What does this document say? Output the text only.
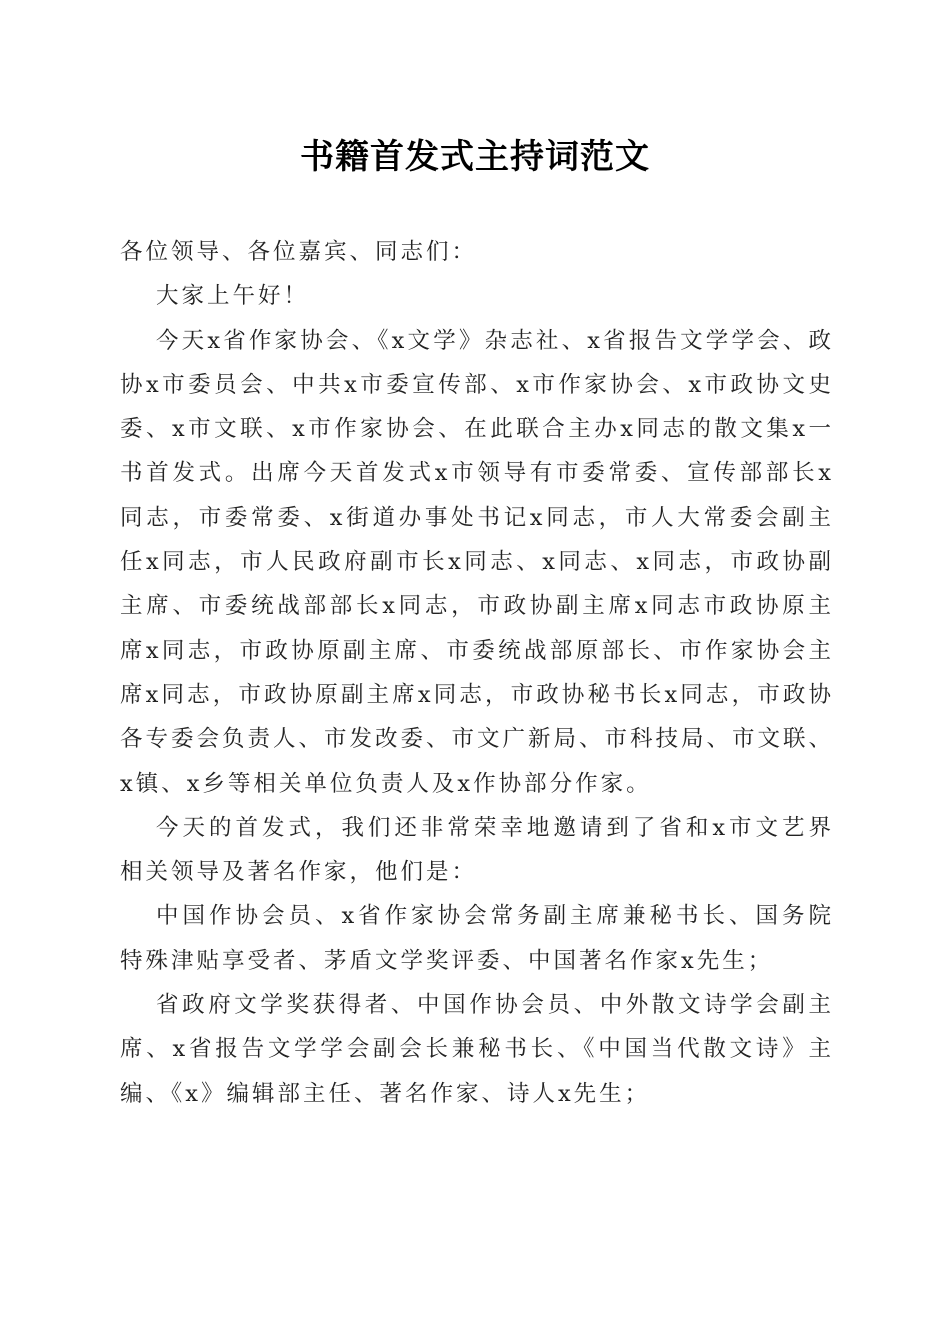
书籍首发式主持词范文

各位领导、各位嘉宾、同志们：

大家上午好！

今天x省作家协会、《x文学》杂志社、x省报告文学学会、政协x市委员会、中共x市委宣传部、x市作家协会、x市政协文史委、x市文联、x市作家协会、在此联合主办x同志的散文集x一书首发式。出席今天首发式x市领导有市委常委、宣传部部长x同志，市委常委、x街道办事处书记x同志，市人大常委会副主任x同志，市人民政府副市长x同志、x同志、x同志，市政协副主席、市委统战部部长x同志，市政协副主席x同志市政协原主席x同志，市政协原副主席、市委统战部原部长、市作家协会主席x同志，市政协原副主席x同志，市政协秘书长x同志，市政协各专委会负责人、市发改委、市文广新局、市科技局、市文联、x镇、x乡等相关单位负责人及x作协部分作家。

今天的首发式，我们还非常荣幸地邀请到了省和x市文艺界相关领导及著名作家，他们是：

中国作协会员、x省作家协会常务副主席兼秘书长、国务院特殊津贴享受者、茅盾文学奖评委、中国著名作家x先生；

省政府文学奖获得者、中国作协会员、中外散文诗学会副主席、x省报告文学学会副会长兼秘书长、《中国当代散文诗》主编、《x》编辑部主任、著名作家、诗人x先生；
